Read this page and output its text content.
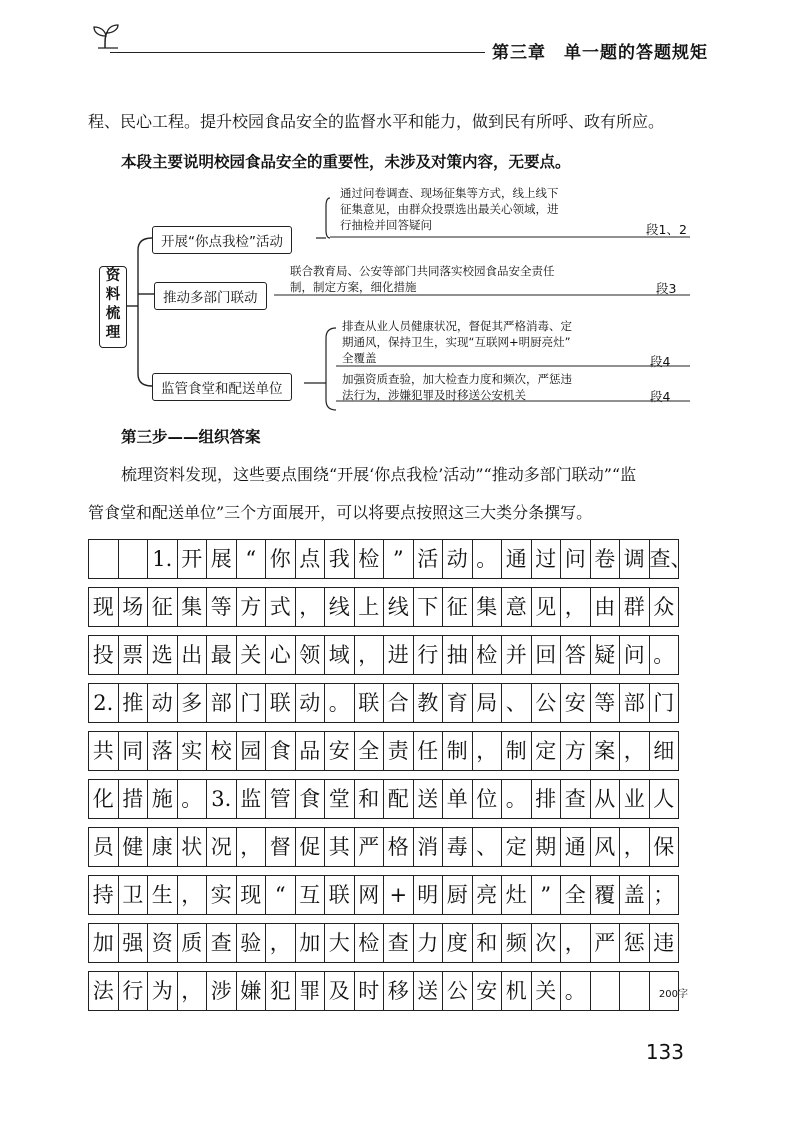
第三章 单一题的答题规矩
程、民心工程。提升校园食品安全的监督水平和能力，做到民有所呼、政有所应。
本段主要说明校园食品安全的重要性，未涉及对策内容，无要点。
资
料
梳
理
开展“你点我检”活动
通过问卷调查、现场征集等方式，线上线下
征集意见，由群众投票选出最关心领域，进
行抽检并回答疑问	段1、2
推动多部门联动
联合教育局、公安等部门共同落实校园食品安全责任
制，制定方案，细化措施	段3
监管食堂和配送单位
排查从业人员健康状况，督促其严格消毒、定
期通风，保持卫生，实现“互联网+明厨亮灶”
全覆盖	段4
加强资质查验，加大检查力度和频次，严惩违
法行为，涉嫌犯罪及时移送公安机关	段4
第三步——组织答案
梳理资料发现，这些要点围绕“开展‘你点我检’活动”“推动多部门联动”“监
管食堂和配送单位”三个方面展开，可以将要点按照这三大类分条撰写。
1. 开 展 “ 你 点 我 检 ” 活 动 。 通 过 问 卷 调 查、
现 场 征 集 等 方 式 ， 线 上 线 下 征 集 意 见 ， 由 群 众
投 票 选 出 最 关 心 领 域 ， 进 行 抽 检 并 回 答 疑 问 。
2. 推 动 多 部 门 联 动 。 联 合 教 育 局 、 公 安 等 部 门
共 同 落 实 校 园 食 品 安 全 责 任 制 ， 制 定 方 案 ， 细
化 措 施 。 3. 监 管 食 堂 和 配 送 单 位 。 排 查 从 业 人
员 健 康 状 况 ， 督 促 其 严 格 消 毒 、 定 期 通 风 ， 保
持 卫 生 ， 实 现 “ 互 联 网 + 明 厨 亮 灶 ” 全 覆 盖 ；
加 强 资 质 查 验 ， 加 大 检 查 力 度 和 频 次 ， 严 惩 违
法 行 为 ， 涉 嫌 犯 罪 及 时 移 送 公 安 机 关 。	200字
133
